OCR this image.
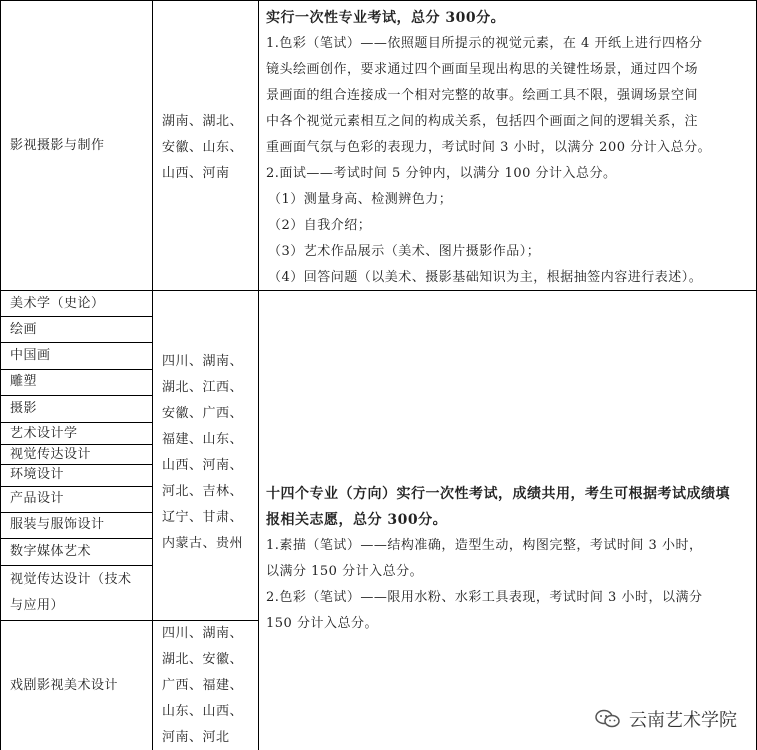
影视摄影与制作
湖南、湖北、
安徽、山东、
山西、河南
实行一次性专业考试，总分 300分。
1.色彩（笔试）——依照题目所提示的视觉元素，在 4 开纸上进行四格分
镜头绘画创作，要求通过四个画面呈现出构思的关键性场景，通过四个场
景画面的组合连接成一个相对完整的故事。绘画工具不限，强调场景空间
中各个视觉元素相互之间的构成关系，包括四个画面之间的逻辑关系，注
重画面气氛与色彩的表现力，考试时间 3 小时，以满分 200 分计入总分。
2.面试——考试时间 5 分钟内，以满分 100 分计入总分。
（1）测量身高、检测辨色力；
（2）自我介绍；
（3）艺术作品展示（美术、图片摄影作品）；
（4）回答问题（以美术、摄影基础知识为主，根据抽签内容进行表述）。
美术学（史论）
绘画
中国画
雕塑
摄影
艺术设计学
视觉传达设计
环境设计
产品设计
服装与服饰设计
数字媒体艺术
视觉传达设计（技术
与应用）
四川、湖南、
湖北、江西、
安徽、广西、
福建、山东、
山西、河南、
河北、吉林、
辽宁、甘肃、
内蒙古、贵州
十四个专业（方向）实行一次性考试，成绩共用，考生可根据考试成绩填
报相关志愿，总分 300分。
1.素描（笔试）——结构准确，造型生动，构图完整，考试时间 3 小时，
以满分 150 分计入总分。
2.色彩（笔试）——限用水粉、水彩工具表现，考试时间 3 小时，以满分
150 分计入总分。
戏剧影视美术设计
四川、湖南、
湖北、安徽、
广西、福建、
山东、山西、
河南、河北
云南艺术学院
